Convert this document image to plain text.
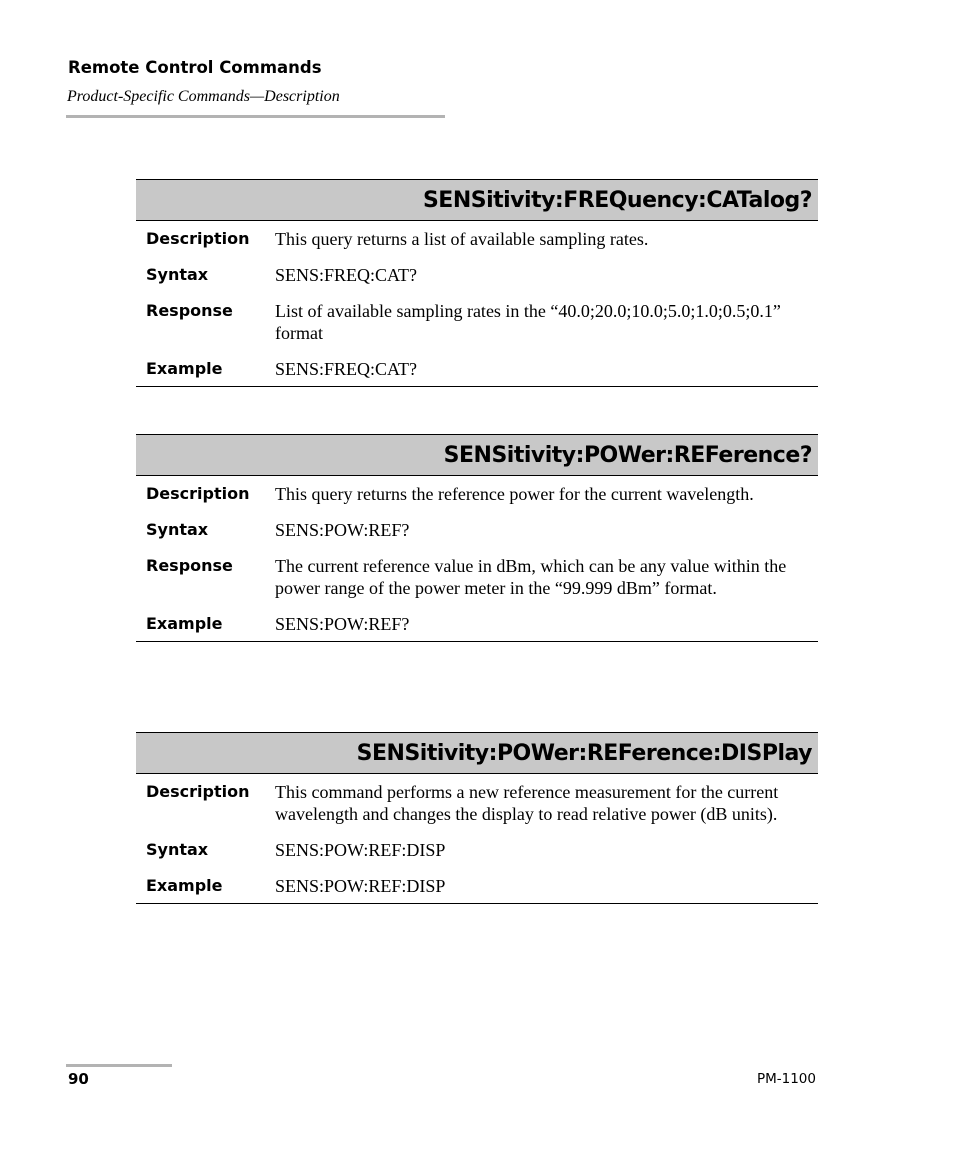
Remote Control Commands
Product-Specific Commands—Description
SENSitivity:FREQuency:CATalog?
Description	This query returns a list of available sampling rates.
Syntax	SENS:FREQ:CAT?
Response	List of available sampling rates in the “40.0;20.0;10.0;5.0;1.0;0.5;0.1” format
Example	SENS:FREQ:CAT?
SENSitivity:POWer:REFerence?
Description	This query returns the reference power for the current wavelength.
Syntax	SENS:POW:REF?
Response	The current reference value in dBm, which can be any value within the power range of the power meter in the “99.999 dBm” format.
Example	SENS:POW:REF?
SENSitivity:POWer:REFerence:DISPlay
Description	This command performs a new reference measurement for the current wavelength and changes the display to read relative power (dB units).
Syntax	SENS:POW:REF:DISP
Example	SENS:POW:REF:DISP
90	PM-1100
